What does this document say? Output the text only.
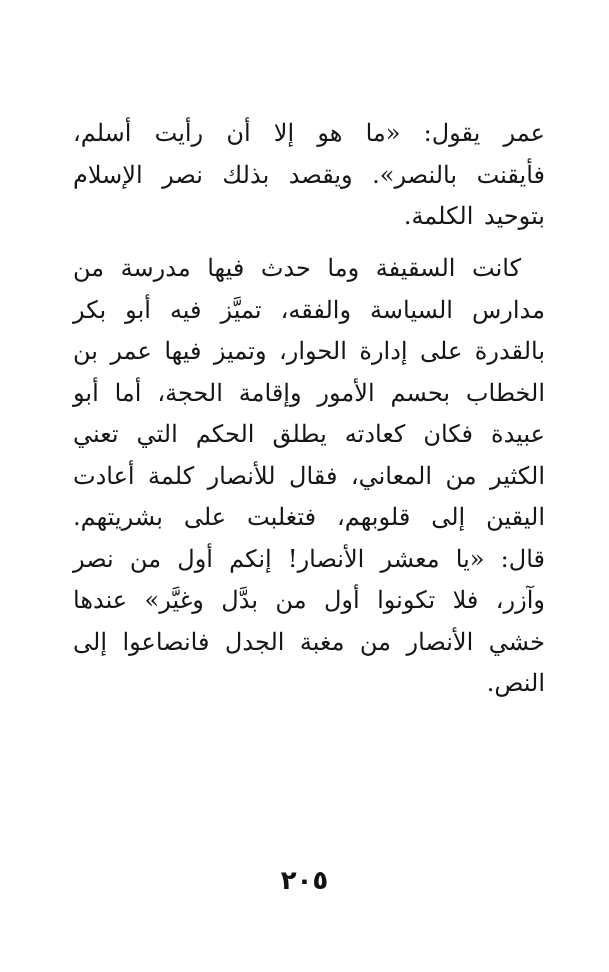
عمر يقول: «ما هو إلا أن رأيت أسلم،
فأيقنت بالنصر». ويقصد بذلك نصر الإسلام
بتوحيد الكلمة.
كانت السقيفة وما حدث فيها مدرسة من
مدارس السياسة والفقه، تميَّز فيه أبو بكر
بالقدرة على إدارة الحوار، وتميز فيها عمر بن
الخطاب بحسم الأمور وإقامة الحجة، أما أبو
عبيدة فكان كعادته يطلق الحكم التي تعني
الكثير من المعاني، فقال للأنصار كلمة أعادت
اليقين إلى قلوبهم، فتغلبت على بشريتهم.
قال: «يا معشر الأنصار! إنكم أول من نصر
وآزر، فلا تكونوا أول من بدَّل وغيَّر» عندها
خشي الأنصار من مغبة الجدل فانصاعوا إلى
النص.
٢٠٥
